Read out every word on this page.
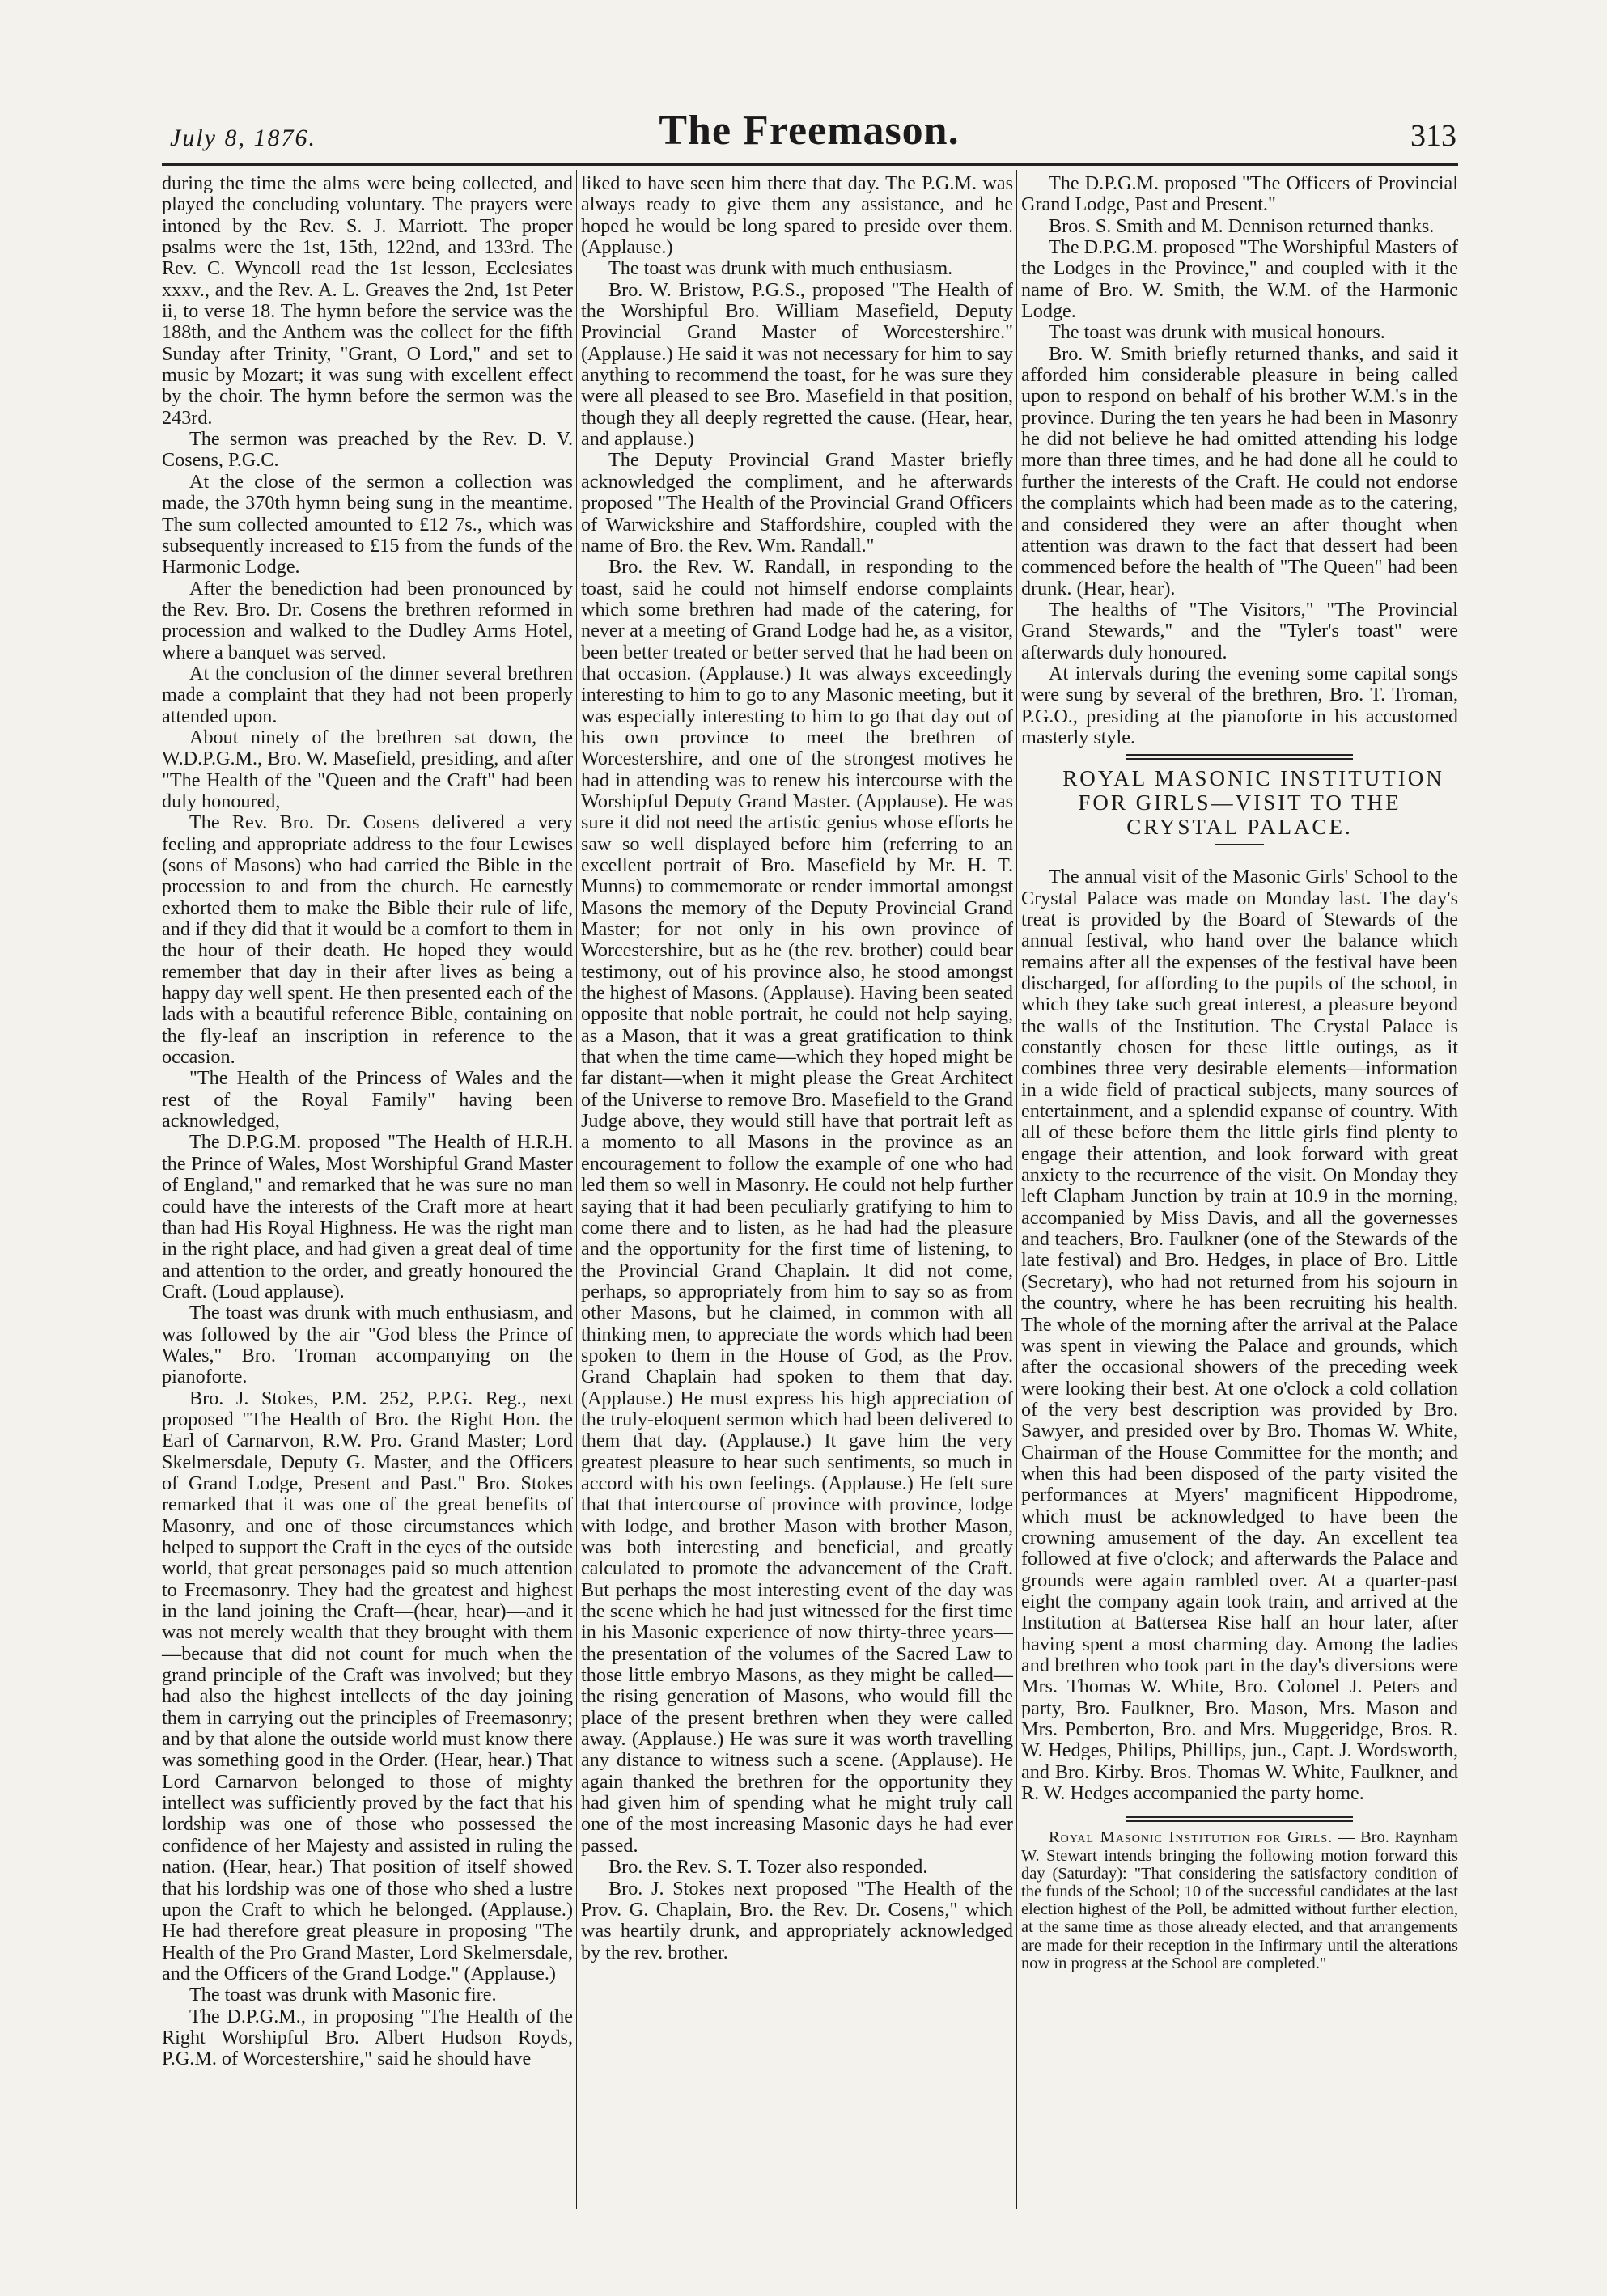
July 8, 1876.	The Freemason.	313

during the time the alms were being collected, and played the concluding voluntary. The prayers were intoned by the Rev. S. J. Marriott. The proper psalms were the 1st, 15th, 122nd, and 133rd. The Rev. C. Wyncoll read the 1st lesson, Ecclesiates xxxv., and the Rev. A. L. Greaves the 2nd, 1st Peter ii, to verse 18. The hymn before the service was the 188th, and the Anthem was the collect for the fifth Sunday after Trinity, "Grant, O Lord," and set to music by Mozart; it was sung with excellent effect by the choir. The hymn before the sermon was the 243rd.

The sermon was preached by the Rev. D. V. Cosens, P.G.C.

At the close of the sermon a collection was made, the 370th hymn being sung in the meantime. The sum collected amounted to £12 7s., which was subsequently increased to £15 from the funds of the Harmonic Lodge.

After the benediction had been pronounced by the Rev. Bro. Dr. Cosens the brethren reformed in procession and walked to the Dudley Arms Hotel, where a banquet was served.

At the conclusion of the dinner several brethren made a complaint that they had not been properly attended upon.

About ninety of the brethren sat down, the W.D.P.G.M., Bro. W. Masefield, presiding, and after "The Health of the "Queen and the Craft" had been duly honoured,

The Rev. Bro. Dr. Cosens delivered a very feeling and appropriate address to the four Lewises (sons of Masons) who had carried the Bible in the procession to and from the church. He earnestly exhorted them to make the Bible their rule of life, and if they did that it would be a comfort to them in the hour of their death. He hoped they would remember that day in their after lives as being a happy day well spent. He then presented each of the lads with a beautiful reference Bible, containing on the fly-leaf an inscription in reference to the occasion.

"The Health of the Princess of Wales and the rest of the Royal Family" having been acknowledged,

The D.P.G.M. proposed "The Health of H.R.H. the Prince of Wales, Most Worshipful Grand Master of England," and remarked that he was sure no man could have the interests of the Craft more at heart than had His Royal Highness. He was the right man in the right place, and had given a great deal of time and attention to the order, and greatly honoured the Craft. (Loud applause).

The toast was drunk with much enthusiasm, and was followed by the air "God bless the Prince of Wales," Bro. Troman accompanying on the pianoforte.

Bro. J. Stokes, P.M. 252, P.P.G. Reg., next proposed "The Health of Bro. the Right Hon. the Earl of Carnarvon, R.W. Pro. Grand Master; Lord Skelmersdale, Deputy G. Master, and the Officers of Grand Lodge, Present and Past." Bro. Stokes remarked that it was one of the great benefits of Masonry, and one of those circumstances which helped to support the Craft in the eyes of the outside world, that great personages paid so much attention to Freemasonry. They had the greatest and highest in the land joining the Craft—(hear, hear)—and it was not merely wealth that they brought with them—because that did not count for much when the grand principle of the Craft was involved; but they had also the highest intellects of the day joining them in carrying out the principles of Freemasonry; and by that alone the outside world must know there was something good in the Order. (Hear, hear.) That Lord Carnarvon belonged to those of mighty intellect was sufficiently proved by the fact that his lordship was one of those who possessed the confidence of her Majesty and assisted in ruling the nation. (Hear, hear.) That position of itself showed that his lordship was one of those who shed a lustre upon the Craft to which he belonged. (Applause.) He had therefore great pleasure in proposing "The Health of the Pro Grand Master, Lord Skelmersdale, and the Officers of the Grand Lodge." (Applause.)

The toast was drunk with Masonic fire.

The D.P.G.M., in proposing "The Health of the Right Worshipful Bro. Albert Hudson Royds, P.G.M. of Worcestershire," said he should have

liked to have seen him there that day. The P.G.M. was always ready to give them any assistance, and he hoped he would be long spared to preside over them. (Applause.)

The toast was drunk with much enthusiasm.

Bro. W. Bristow, P.G.S., proposed "The Health of the Worshipful Bro. William Masefield, Deputy Provincial Grand Master of Worcestershire." (Applause.) He said it was not necessary for him to say anything to recommend the toast, for he was sure they were all pleased to see Bro. Masefield in that position, though they all deeply regretted the cause. (Hear, hear, and applause.)

The Deputy Provincial Grand Master briefly acknowledged the compliment, and he afterwards proposed "The Health of the Provincial Grand Officers of Warwickshire and Staffordshire, coupled with the name of Bro. the Rev. Wm. Randall."

Bro. the Rev. W. Randall, in responding to the toast, said he could not himself endorse complaints which some brethren had made of the catering, for never at a meeting of Grand Lodge had he, as a visitor, been better treated or better served that he had been on that occasion. (Applause.) It was always exceedingly interesting to him to go to any Masonic meeting, but it was especially interesting to him to go that day out of his own province to meet the brethren of Worcestershire, and one of the strongest motives he had in attending was to renew his intercourse with the Worshipful Deputy Grand Master. (Applause). He was sure it did not need the artistic genius whose efforts he saw so well displayed before him (referring to an excellent portrait of Bro. Masefield by Mr. H. T. Munns) to commemorate or render immortal amongst Masons the memory of the Deputy Provincial Grand Master; for not only in his own province of Worcestershire, but as he (the rev. brother) could bear testimony, out of his province also, he stood amongst the highest of Masons. (Applause). Having been seated opposite that noble portrait, he could not help saying, as a Mason, that it was a great gratification to think that when the time came—which they hoped might be far distant—when it might please the Great Architect of the Universe to remove Bro. Masefield to the Grand Judge above, they would still have that portrait left as a momento to all Masons in the province as an encouragement to follow the example of one who had led them so well in Masonry. He could not help further saying that it had been peculiarly gratifying to him to come there and to listen, as he had had the pleasure and the opportunity for the first time of listening, to the Provincial Grand Chaplain. It did not come, perhaps, so appropriately from him to say so as from other Masons, but he claimed, in common with all thinking men, to appreciate the words which had been spoken to them in the House of God, as the Prov. Grand Chaplain had spoken to them that day. (Applause.) He must express his high appreciation of the truly-eloquent sermon which had been delivered to them that day. (Applause.) It gave him the very greatest pleasure to hear such sentiments, so much in accord with his own feelings. (Applause.) He felt sure that that intercourse of province with province, lodge with lodge, and brother Mason with brother Mason, was both interesting and beneficial, and greatly calculated to promote the advancement of the Craft. But perhaps the most interesting event of the day was the scene which he had just witnessed for the first time in his Masonic experience of now thirty-three years—the presentation of the volumes of the Sacred Law to those little embryo Masons, as they might be called—the rising generation of Masons, who would fill the place of the present brethren when they were called away. (Applause.) He was sure it was worth travelling any distance to witness such a scene. (Applause). He again thanked the brethren for the opportunity they had given him of spending what he might truly call one of the most increasing Masonic days he had ever passed.

Bro. the Rev. S. T. Tozer also responded.

Bro. J. Stokes next proposed "The Health of the Prov. G. Chaplain, Bro. the Rev. Dr. Cosens," which was heartily drunk, and appropriately acknowledged by the rev. brother.

The D.P.G.M. proposed "The Officers of Provincial Grand Lodge, Past and Present."

Bros. S. Smith and M. Dennison returned thanks.

The D.P.G.M. proposed "The Worshipful Masters of the Lodges in the Province," and coupled with it the name of Bro. W. Smith, the W.M. of the Harmonic Lodge.

The toast was drunk with musical honours.

Bro. W. Smith briefly returned thanks, and said it afforded him considerable pleasure in being called upon to respond on behalf of his brother W.M.'s in the province. During the ten years he had been in Masonry he did not believe he had omitted attending his lodge more than three times, and he had done all he could to further the interests of the Craft. He could not endorse the complaints which had been made as to the catering, and considered they were an after thought when attention was drawn to the fact that dessert had been commenced before the health of "The Queen" had been drunk. (Hear, hear).

The healths of "The Visitors," "The Provincial Grand Stewards," and the "Tyler's toast" were afterwards duly honoured.

At intervals during the evening some capital songs were sung by several of the brethren, Bro. T. Troman, P.G.O., presiding at the pianoforte in his accustomed masterly style.

ROYAL MASONIC INSTITUTION FOR GIRLS—VISIT TO THE CRYSTAL PALACE.

The annual visit of the Masonic Girls' School to the Crystal Palace was made on Monday last. The day's treat is provided by the Board of Stewards of the annual festival, who hand over the balance which remains after all the expenses of the festival have been discharged, for affording to the pupils of the school, in which they take such great interest, a pleasure beyond the walls of the Institution. The Crystal Palace is constantly chosen for these little outings, as it combines three very desirable elements—information in a wide field of practical subjects, many sources of entertainment, and a splendid expanse of country. With all of these before them the little girls find plenty to engage their attention, and look forward with great anxiety to the recurrence of the visit. On Monday they left Clapham Junction by train at 10.9 in the morning, accompanied by Miss Davis, and all the governesses and teachers, Bro. Faulkner (one of the Stewards of the late festival) and Bro. Hedges, in place of Bro. Little (Secretary), who had not returned from his sojourn in the country, where he has been recruiting his health. The whole of the morning after the arrival at the Palace was spent in viewing the Palace and grounds, which after the occasional showers of the preceding week were looking their best. At one o'clock a cold collation of the very best description was provided by Bro. Sawyer, and presided over by Bro. Thomas W. White, Chairman of the House Committee for the month; and when this had been disposed of the party visited the performances at Myers' magnificent Hippodrome, which must be acknowledged to have been the crowning amusement of the day. An excellent tea followed at five o'clock; and afterwards the Palace and grounds were again rambled over. At a quarter-past eight the company again took train, and arrived at the Institution at Battersea Rise half an hour later, after having spent a most charming day. Among the ladies and brethren who took part in the day's diversions were Mrs. Thomas W. White, Bro. Colonel J. Peters and party, Bro. Faulkner, Bro. Mason, Mrs. Mason and Mrs. Pemberton, Bro. and Mrs. Muggeridge, Bros. R. W. Hedges, Philips, Phillips, jun., Capt. J. Wordsworth, and Bro. Kirby. Bros. Thomas W. White, Faulkner, and R. W. Hedges accompanied the party home.

Royal Masonic Institution for Girls. — Bro. Raynham W. Stewart intends bringing the following motion forward this day (Saturday): "That considering the satisfactory condition of the funds of the School; 10 of the successful candidates at the last election highest of the Poll, be admitted without further election, at the same time as those already elected, and that arrangements are made for their reception in the Infirmary until the alterations now in progress at the School are completed."
